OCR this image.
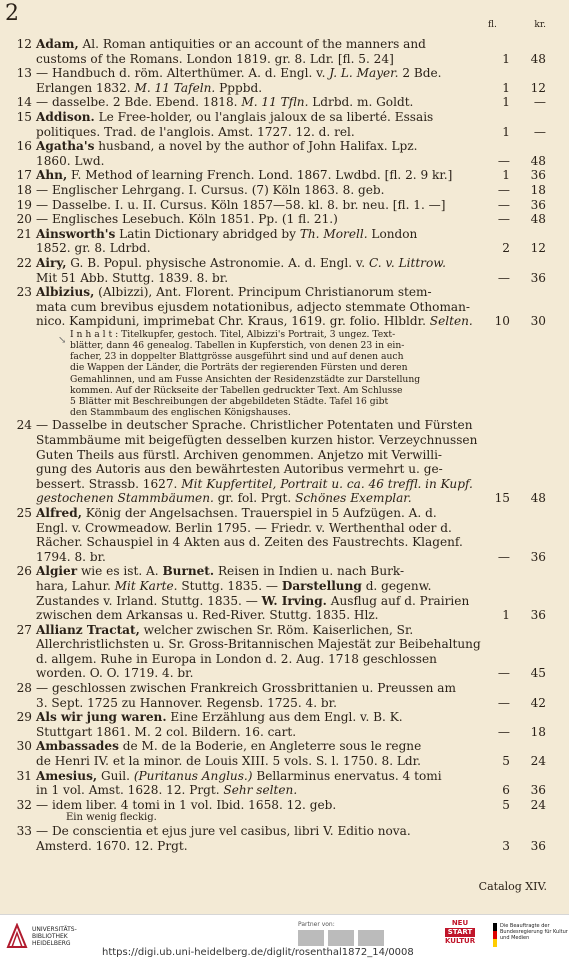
2	fl.	kr.
↘
12 Adam, Al. Roman antiquities or an account of the manners and
customs of the Romans. London 1819. gr. 8. Ldr. [fl. 5. 24]	1	48
13 — Handbuch d. röm. Alterthümer. A. d. Engl. v. J. L. Mayer. 2 Bde.
Erlangen 1832. M. 11 Tafeln. Pppbd.	1	12
14 — dasselbe. 2 Bde. Ebend. 1818. M. 11 Tfln. Ldrbd. m. Goldt.	1	—
15 Addison. Le Free-holder, ou l'anglais jaloux de sa liberté. Essais
politiques. Trad. de l'anglois. Amst. 1727. 12. d. rel.	1	—
16 Agatha's husband, a novel by the author of John Halifax. Lpz.
1860. Lwd.	—	48
17 Ahn, F. Method of learning French. Lond. 1867. Lwdbd. [fl. 2. 9 kr.]	1	36
18 — Englischer Lehrgang. I. Cursus. (7) Köln 1863. 8. geb.	—	18
19 — Dasselbe. I. u. II. Cursus. Köln 1857—58. kl. 8. br. neu. [fl. 1. —]	—	36
20 — Englisches Lesebuch. Köln 1851. Pp. (1 fl. 21.)	—	48
21 Ainsworth's Latin Dictionary abridged by Th. Morell. London
1852. gr. 8. Ldrbd.	2	12
22 Airy, G. B. Popul. physische Astronomie. A. d. Engl. v. C. v. Littrow.
Mit 51 Abb. Stuttg. 1839. 8. br.	—	36
23 Albizius, (Albizzi), Ant. Florent. Principum Christianorum stem-
mata cum brevibus ejusdem notationibus, adjecto stemmate Othoman-
nico. Kampiduni, imprimebat Chr. Kraus, 1619. gr. folio. Hlbldr. Selten.	10	30
I n h a l t : Titelkupfer, gestoch. Titel, Albizzi's Portrait, 3 ungez. Text-
blätter, dann 46 genealog. Tabellen in Kupferstich, von denen 23 in ein-
facher, 23 in doppelter Blattgrösse ausgeführt sind und auf denen auch
die Wappen der Länder, die Porträts der regierenden Fürsten und deren
Gemahlinnen, und am Fusse Ansichten der Residenzstädte zur Darstellung
kommen. Auf der Rückseite der Tabellen gedruckter Text. Am Schlusse
5 Blätter mit Beschreibungen der abgebildeten Städte. Tafel 16 gibt
den Stammbaum des englischen Königshauses.
24 — Dasselbe in deutscher Sprache. Christlicher Potentaten und Fürsten
Stammbäume mit beigefügten desselben kurzen histor. Verzeychnussen
Guten Theils aus fürstl. Archiven genommen. Anjetzo mit Verwilli-
gung des Autoris aus den bewährtesten Autoribus vermehrt u. ge-
bessert. Strassb. 1627. Mit Kupfertitel, Portrait u. ca. 46 treffl. in Kupf.
gestochenen Stammbäumen. gr. fol. Prgt. Schönes Exemplar.	15	48
25 Alfred, König der Angelsachsen. Trauerspiel in 5 Aufzügen. A. d.
Engl. v. Crowmeadow. Berlin 1795. — Friedr. v. Werthenthal oder d.
Rächer. Schauspiel in 4 Akten aus d. Zeiten des Faustrechts. Klagenf.
1794. 8. br.	—	36
26 Algier wie es ist. A. Burnet. Reisen in Indien u. nach Burk-
hara, Lahur. Mit Karte. Stuttg. 1835. — Darstellung d. gegenw.
Zustandes v. Irland. Stuttg. 1835. — W. Irving. Ausflug auf d. Prairien
zwischen dem Arkansas u. Red-River. Stuttg. 1835. Hlz.	1	36
27 Allianz Tractat, welcher zwischen Sr. Röm. Kaiserlichen, Sr.
Allerchristlichsten u. Sr. Gross-Britannischen Majestät zur Beibehaltung
d. allgem. Ruhe in Europa in London d. 2. Aug. 1718 geschlossen
worden. O. O. 1719. 4. br.	—	45
28 — geschlossen zwischen Frankreich Grossbrittanien u. Preussen am
3. Sept. 1725 zu Hannover. Regensb. 1725. 4. br.	—	42
29 Als wir jung waren. Eine Erzählung aus dem Engl. v. B. K.
Stuttgart 1861. M. 2 col. Bildern. 16. cart.	—	18
30 Ambassades de M. de la Boderie, en Angleterre sous le regne
de Henri IV. et la minor. de Louis XIII. 5 vols. S. l. 1750. 8. Ldr.	5	24
31 Amesius, Guil. (Puritanus Anglus.) Bellarminus enervatus. 4 tomi
in 1 vol. Amst. 1628. 12. Prgt. Sehr selten.	6	36
32 — idem liber. 4 tomi in 1 vol. Ibid. 1658. 12. geb.	5	24
Ein wenig fleckig.
33 — De conscientia et ejus jure vel casibus, libri V. Editio nova.
Amsterd. 1670. 12. Prgt.	3	36
Catalog XIV.
UNIVERSITÄTS-
BIBLIOTHEK
HEIDELBERG
Partner von:	NEU
START
KULTUR
Die Beauftragte der Bundesregierung für Kultur und Medien
https://digi.ub.uni-heidelberg.de/diglit/rosenthal1872_14/0008
